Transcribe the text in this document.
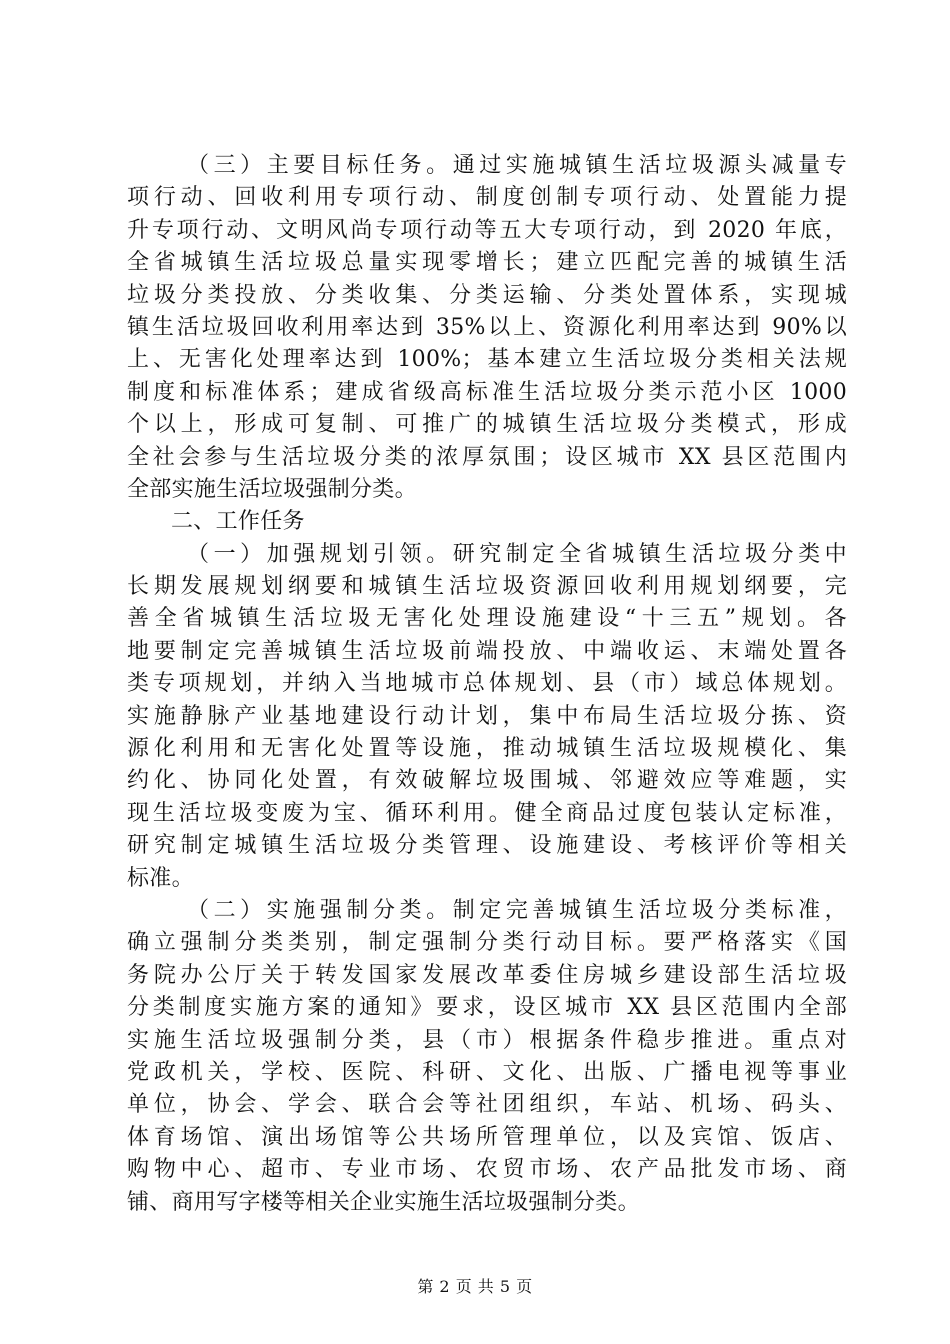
（三）主要目标任务。通过实施城镇生活垃圾源头减量专
项行动、回收利用专项行动、制度创制专项行动、处置能力提
升专项行动、文明风尚专项行动等五大专项行动，到 2020 年底，
全省城镇生活垃圾总量实现零增长；建立匹配完善的城镇生活
垃圾分类投放、分类收集、分类运输、分类处置体系，实现城
镇生活垃圾回收利用率达到 35%以上、资源化利用率达到 90%以
上、无害化处理率达到 100%；基本建立生活垃圾分类相关法规
制度和标准体系；建成省级高标准生活垃圾分类示范小区 1000
个以上，形成可复制、可推广的城镇生活垃圾分类模式，形成
全社会参与生活垃圾分类的浓厚氛围；设区城市 XX 县区范围内
全部实施生活垃圾强制分类。
二、工作任务
（一）加强规划引领。研究制定全省城镇生活垃圾分类中
长期发展规划纲要和城镇生活垃圾资源回收利用规划纲要，完
善全省城镇生活垃圾无害化处理设施建设“十三五”规划。各
地要制定完善城镇生活垃圾前端投放、中端收运、末端处置各
类专项规划，并纳入当地城市总体规划、县（市）域总体规划。
实施静脉产业基地建设行动计划，集中布局生活垃圾分拣、资
源化利用和无害化处置等设施，推动城镇生活垃圾规模化、集
约化、协同化处置，有效破解垃圾围城、邻避效应等难题，实
现生活垃圾变废为宝、循环利用。健全商品过度包装认定标准，
研究制定城镇生活垃圾分类管理、设施建设、考核评价等相关
标准。
（二）实施强制分类。制定完善城镇生活垃圾分类标准，
确立强制分类类别，制定强制分类行动目标。要严格落实《国
务院办公厅关于转发国家发展改革委住房城乡建设部生活垃圾
分类制度实施方案的通知》要求，设区城市 XX 县区范围内全部
实施生活垃圾强制分类，县（市）根据条件稳步推进。重点对
党政机关，学校、医院、科研、文化、出版、广播电视等事业
单位，协会、学会、联合会等社团组织，车站、机场、码头、
体育场馆、演出场馆等公共场所管理单位，以及宾馆、饭店、
购物中心、超市、专业市场、农贸市场、农产品批发市场、商
铺、商用写字楼等相关企业实施生活垃圾强制分类。
第 2 页 共 5 页
